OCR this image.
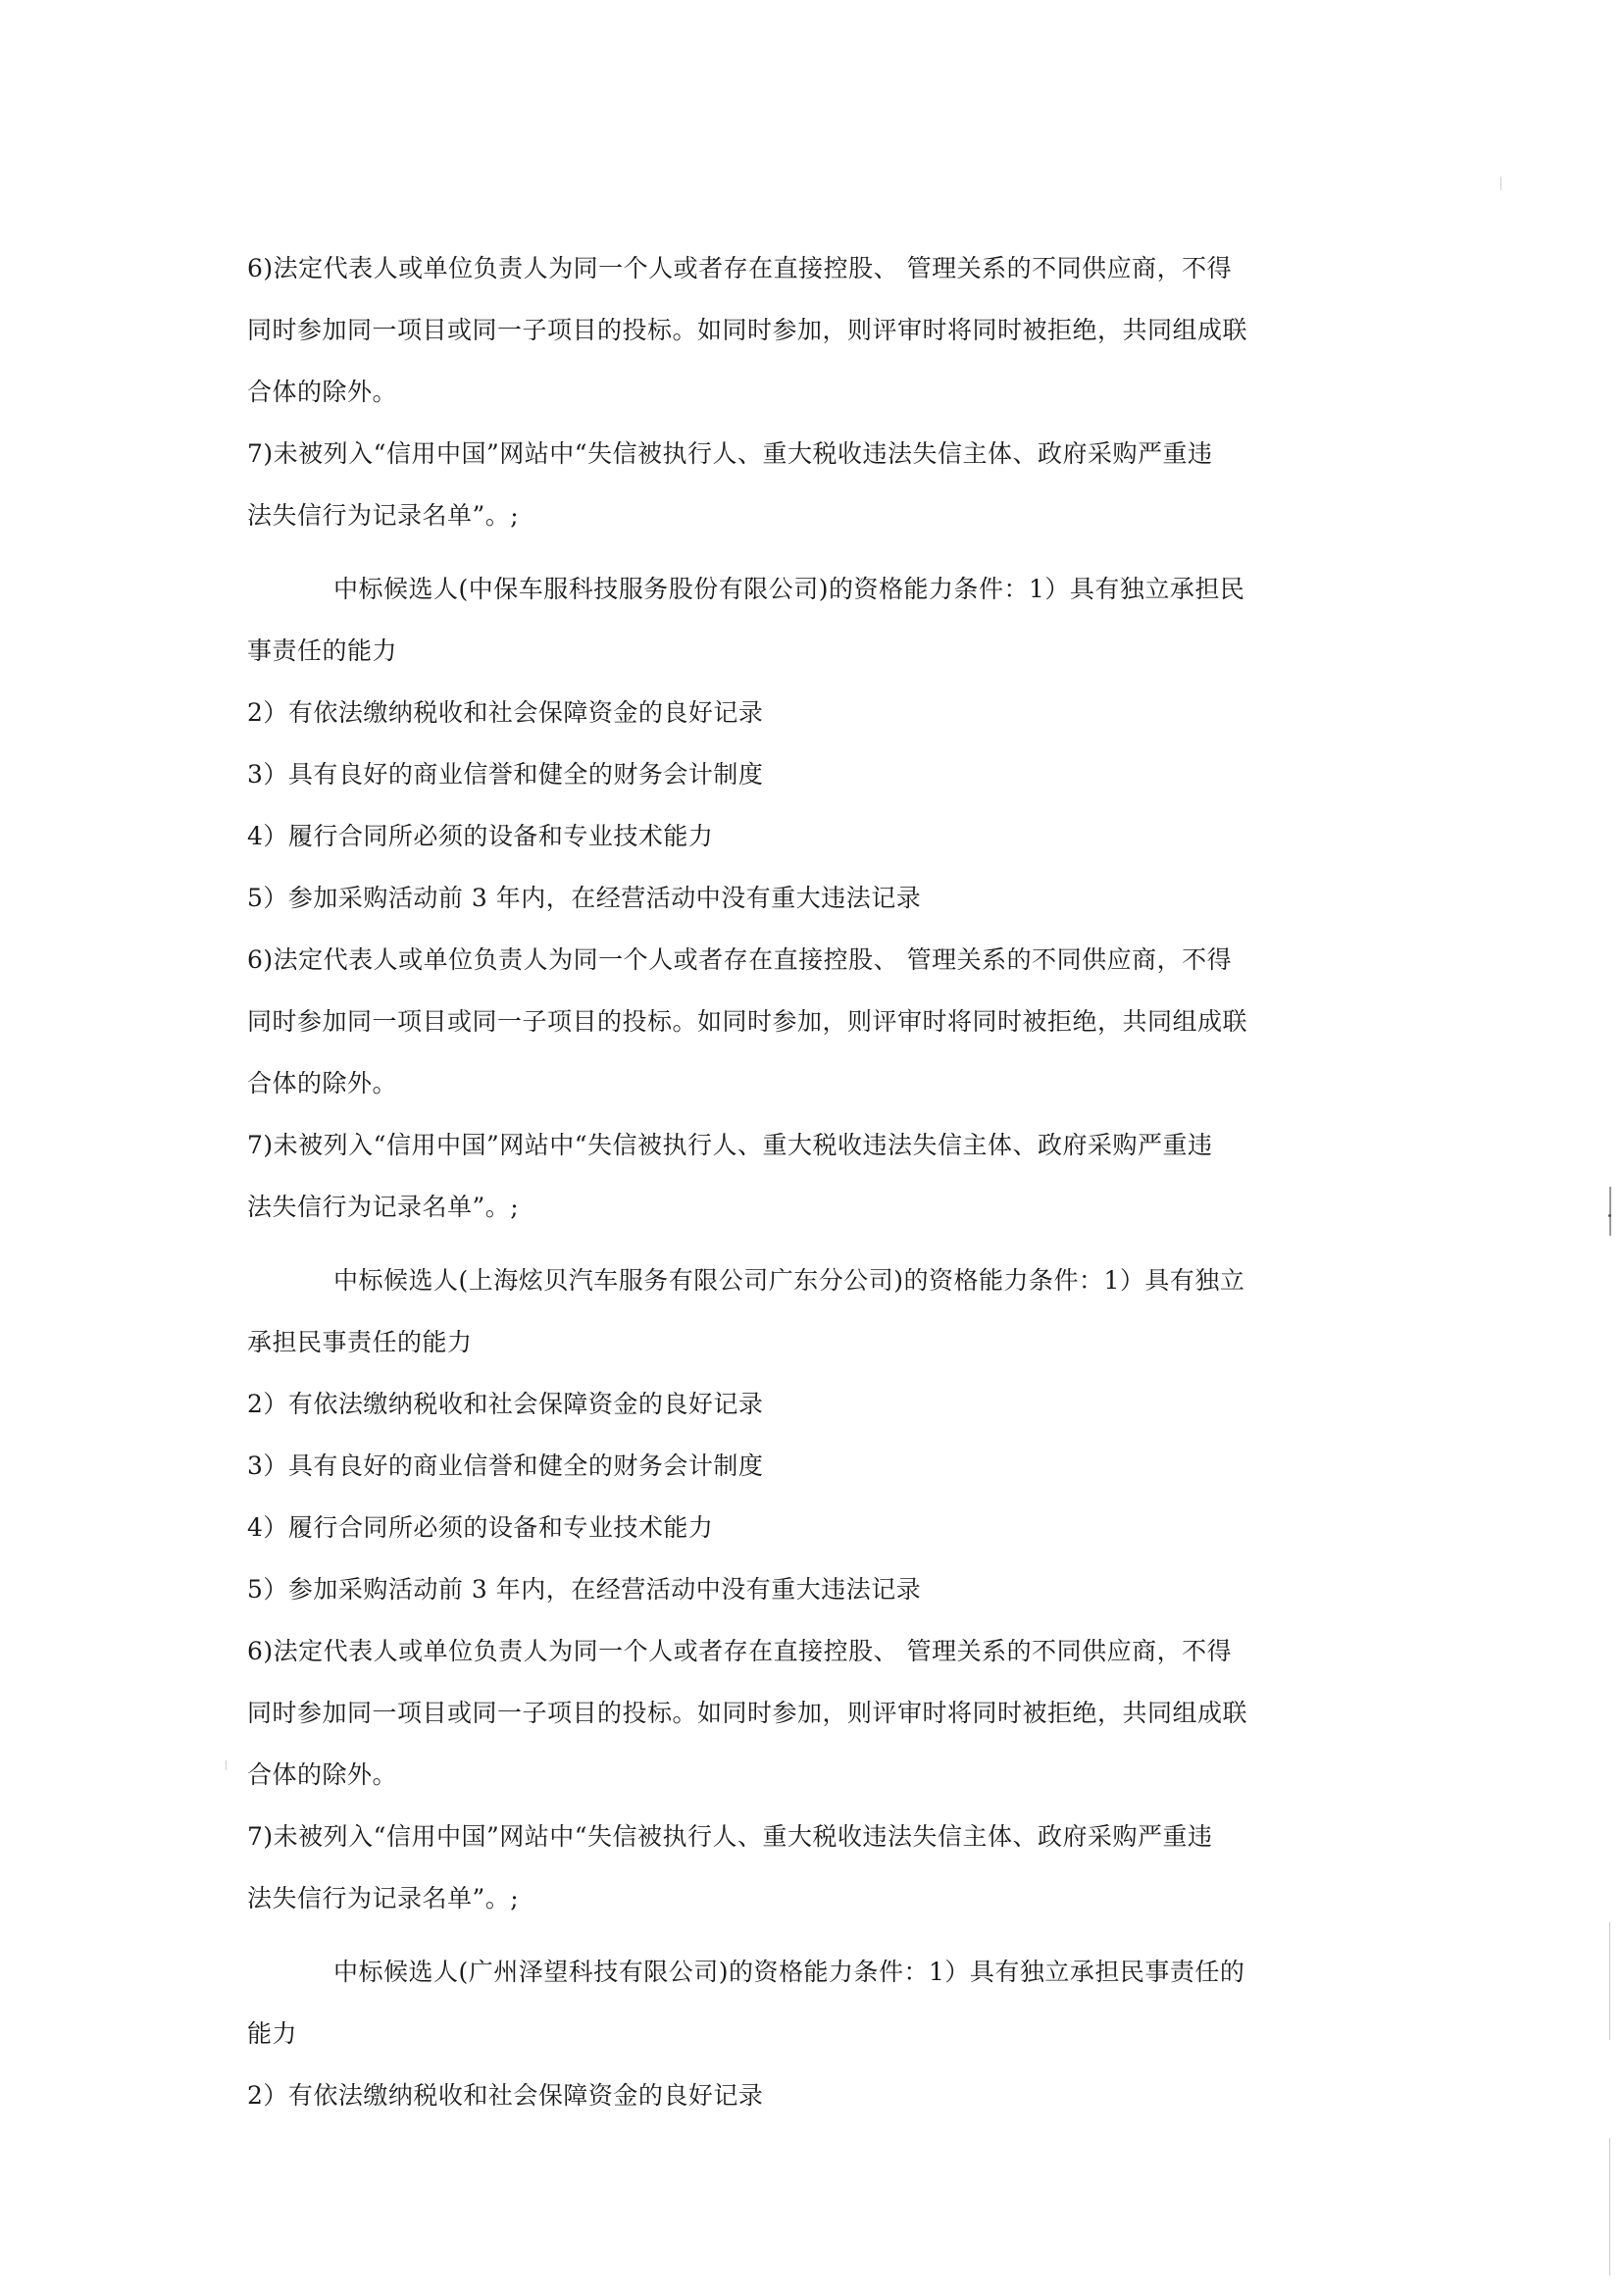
6)法定代表人或单位负责人为同一个人或者存在直接控股、 管理关系的不同供应商，不得
同时参加同一项目或同一子项目的投标。如同时参加，则评审时将同时被拒绝，共同组成联
合体的除外。
7)未被列入“信用中国”网站中“失信被执行人、重大税收违法失信主体、政府采购严重违
法失信行为记录名单”。;
中标候选人(中保车服科技服务股份有限公司)的资格能力条件：1）具有独立承担民
事责任的能力
2）有依法缴纳税收和社会保障资金的良好记录
3）具有良好的商业信誉和健全的财务会计制度
4）履行合同所必须的设备和专业技术能力
5）参加采购活动前 3 年内，在经营活动中没有重大违法记录
6)法定代表人或单位负责人为同一个人或者存在直接控股、 管理关系的不同供应商，不得
同时参加同一项目或同一子项目的投标。如同时参加，则评审时将同时被拒绝，共同组成联
合体的除外。
7)未被列入“信用中国”网站中“失信被执行人、重大税收违法失信主体、政府采购严重违
法失信行为记录名单”。;
中标候选人(上海炫贝汽车服务有限公司广东分公司)的资格能力条件：1）具有独立
承担民事责任的能力
2）有依法缴纳税收和社会保障资金的良好记录
3）具有良好的商业信誉和健全的财务会计制度
4）履行合同所必须的设备和专业技术能力
5）参加采购活动前 3 年内，在经营活动中没有重大违法记录
6)法定代表人或单位负责人为同一个人或者存在直接控股、 管理关系的不同供应商，不得
同时参加同一项目或同一子项目的投标。如同时参加，则评审时将同时被拒绝，共同组成联
合体的除外。
7)未被列入“信用中国”网站中“失信被执行人、重大税收违法失信主体、政府采购严重违
法失信行为记录名单”。;
中标候选人(广州泽望科技有限公司)的资格能力条件：1）具有独立承担民事责任的
能力
2）有依法缴纳税收和社会保障资金的良好记录
